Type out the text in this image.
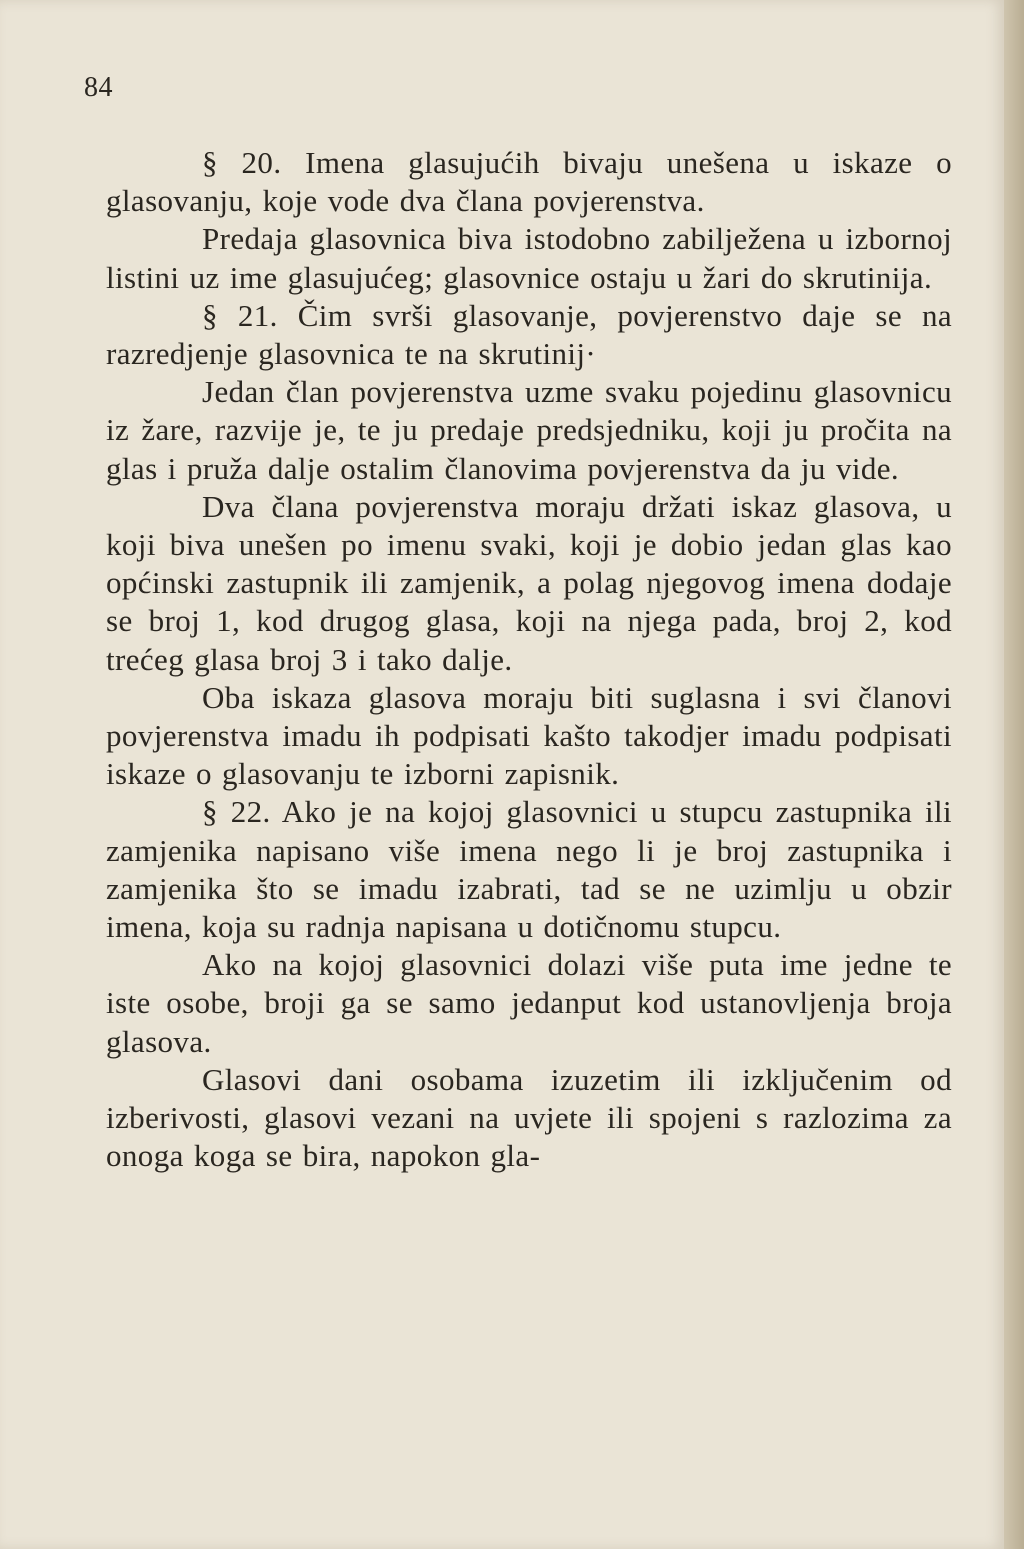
84

§ 20. Imena glasujućih bivaju unešena u iskaze o glasovanju, koje vode dva člana povjerenstva.

Predaja glasovnica biva istodobno zabilježena u izbornoj listini uz ime glasujućeg; glasovnice ostaju u žari do skrutinija.

§ 21. Čim svrši glasovanje, povjerenstvo daje se na razredjenje glasovnica te na skrutinij·

Jedan član povjerenstva uzme svaku pojedinu glasovnicu iz žare, razvije je, te ju predaje predsjedniku, koji ju pročita na glas i pruža dalje ostalim članovima povjerenstva da ju vide.

Dva člana povjerenstva moraju držati iskaz glasova, u koji biva unešen po imenu svaki, koji je dobio jedan glas kao općinski zastupnik ili zamjenik, a polag njegovog imena dodaje se broj 1, kod drugog glasa, koji na njega pada, broj 2, kod trećeg glasa broj 3 i tako dalje.

Oba iskaza glasova moraju biti suglasna i svi članovi povjerenstva imadu ih podpisati kašto takodjer imadu podpisati iskaze o glasovanju te izborni zapisnik.

§ 22. Ako je na kojoj glasovnici u stupcu zastupnika ili zamjenika napisano više imena nego li je broj zastupnika i zamjenika što se imadu izabrati, tad se ne uzimlju u obzir imena, koja su radnja napisana u dotičnomu stupcu.

Ako na kojoj glasovnici dolazi više puta ime jedne te iste osobe, broji ga se samo jedanput kod ustanovljenja broja glasova.

Glasovi dani osobama izuzetim ili izključenim od izberivosti, glasovi vezani na uvjete ili spojeni s razlozima za onoga koga se bira, napokon gla-
